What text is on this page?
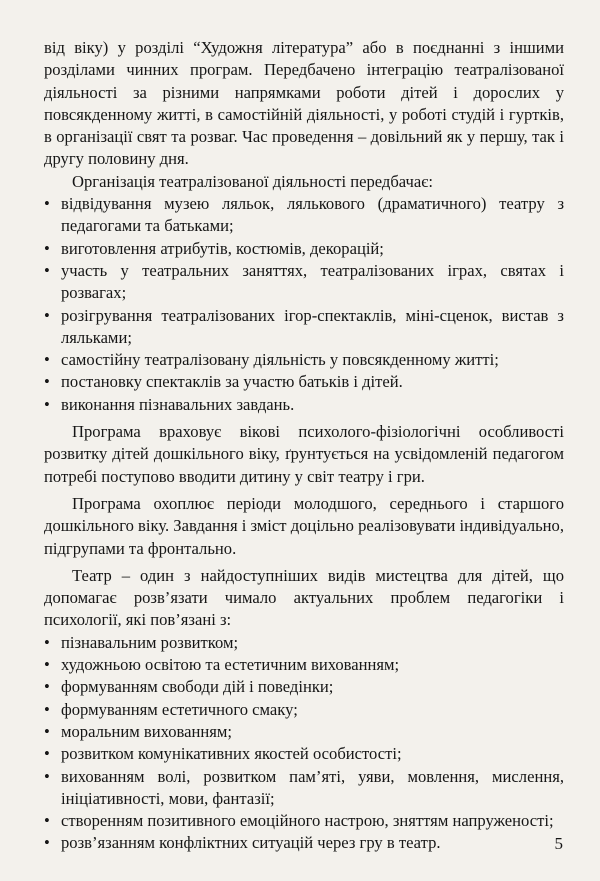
від віку) у розділі “Художня література” або в поєднанні з іншими розділами чинних програм. Передбачено інтеграцію театралізованої діяльності за різними напрямками роботи дітей і дорослих у повсякденному житті, в самостійній діяльності, у роботі студій і гуртків, в організації свят та розваг. Час проведення – довільний як у першу, так і другу половину дня.

Організація театралізованої діяльності передбачає:

• відвідування музею ляльок, лялькового (драматичного) театру з педагогами та батьками;
• виготовлення атрибутів, костюмів, декорацій;
• участь у театральних заняттях, театралізованих іграх, святах і розвагах;
• розігрування театралізованих ігор-спектаклів, міні-сценок, вистав з ляльками;
• самостійну театралізовану діяльність у повсякденному житті;
• постановку спектаклів за участю батьків і дітей.
• виконання пізнавальних завдань.

Програма враховує вікові психолого-фізіологічні особливості розвитку дітей дошкільного віку, ґрунтується на усвідомленій педагогом потребі поступово вводити дитину у світ театру і гри.

Програма охоплює періоди молодшого, середнього і старшого дошкільного віку. Завдання і зміст доцільно реалізовувати індивідуально, підгрупами та фронтально.

Театр – один з найдоступніших видів мистецтва для дітей, що допомагає розв’язати чимало актуальних проблем педагогіки і психології, які пов’язані з:

• пізнавальним розвитком;
• художньою освітою та естетичним вихованням;
• формуванням свободи дій і поведінки;
• формуванням естетичного смаку;
• моральним вихованням;
• розвитком комунікативних якостей особистості;
• вихованням волі, розвитком пам’яті, уяви, мовлення, мислення, ініціативності, мови, фантазії;
• створенням позитивного емоційного настрою, зняттям напруженості;
• розв’язанням конфліктних ситуацій через гру в театр.	5
